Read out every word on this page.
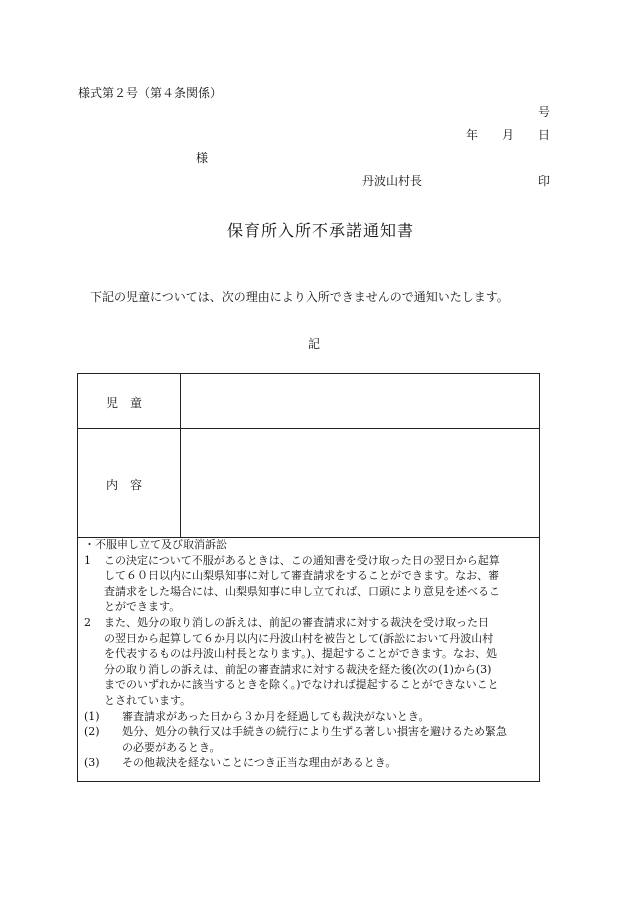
様式第２号（第４条関係）
号
年 月 日
様
丹波山村長	印
保育所入所不承諾通知書
下記の児童については、次の理由により入所できませんので通知いたします。
記
児　童
内　容
・不服申し立て及び取消訴訟
1	この決定について不服があるときは、この通知書を受け取った日の翌日から起算
して６０日以内に山梨県知事に対して審査請求をすることができます。なお、審
査請求をした場合には、山梨県知事に申し立てれば、口頭により意見を述べるこ
とができます。
2	また、処分の取り消しの訴えは、前記の審査請求に対する裁決を受け取った日
の翌日から起算して６か月以内に丹波山村を被告として(訴訟において丹波山村
を代表するものは丹波山村長となります。)、提起することができます。なお、処
分の取り消しの訴えは、前記の審査請求に対する裁決を経た後(次の(1)から(3)
までのいずれかに該当するときを除く。)でなければ提起することができないこと
とされています。
(1)	審査請求があった日から３か月を経過しても裁決がないとき。
(2)	処分、処分の執行又は手続きの続行により生ずる著しい損害を避けるため緊急
の必要があるとき。
(3)	その他裁決を経ないことにつき正当な理由があるとき。
